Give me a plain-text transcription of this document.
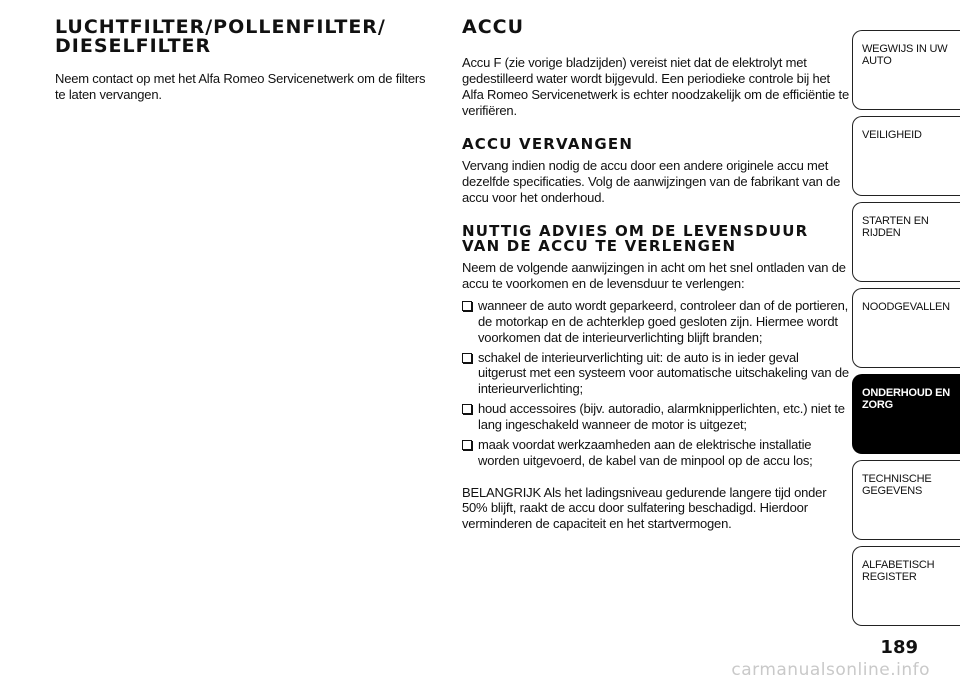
LUCHTFILTER/POLLENFILTER/
DIESELFILTER

Neem contact op met het Alfa Romeo Servicenetwerk om de filters te laten vervangen.

ACCU

Accu F (zie vorige bladzijden) vereist niet dat de elektrolyt met gedestilleerd water wordt bijgevuld. Een periodieke controle bij het Alfa Romeo Servicenetwerk is echter noodzakelijk om de efficiëntie te verifiëren.

ACCU VERVANGEN

Vervang indien nodig de accu door een andere originele accu met dezelfde specificaties. Volg de aanwijzingen van de fabrikant van de accu voor het onderhoud.

NUTTIG ADVIES OM DE LEVENSDUUR
VAN DE ACCU TE VERLENGEN

Neem de volgende aanwijzingen in acht om het snel ontladen van de accu te voorkomen en de levensduur te verlengen:

wanneer de auto wordt geparkeerd, controleer dan of de portieren, de motorkap en de achterklep goed gesloten zijn. Hiermee wordt voorkomen dat de interieurverlichting blijft branden;
schakel de interieurverlichting uit: de auto is in ieder geval uitgerust met een systeem voor automatische uitschakeling van de interieurverlichting;
houd accessoires (bijv. autoradio, alarmknipperlichten, etc.) niet te lang ingeschakeld wanneer de motor is uitgezet;
maak voordat werkzaamheden aan de elektrische installatie worden uitgevoerd, de kabel van de minpool op de accu los;

BELANGRIJK Als het ladingsniveau gedurende langere tijd onder 50% blijft, raakt de accu door sulfatering beschadigd. Hierdoor verminderen de capaciteit en het startvermogen.

WEGWIJS IN UW AUTO
VEILIGHEID
STARTEN EN RIJDEN
NOODGEVALLEN
ONDERHOUD EN ZORG
TECHNISCHE GEGEVENS
ALFABETISCH REGISTER
189
carmanualsonline.info
